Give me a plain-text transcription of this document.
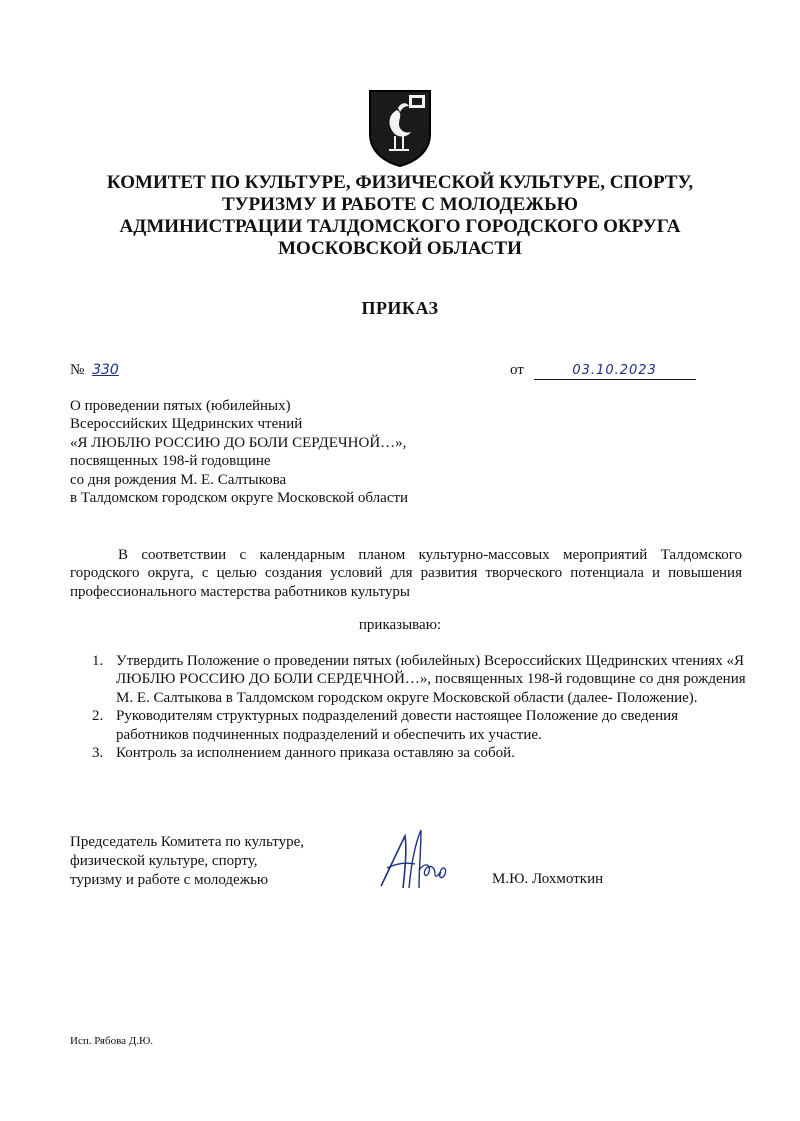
КОМИТЕТ ПО КУЛЬТУРЕ, ФИЗИЧЕСКОЙ КУЛЬТУРЕ, СПОРТУ,
ТУРИЗМУ И РАБОТЕ С МОЛОДЕЖЬЮ
АДМИНИСТРАЦИИ ТАЛДОМСКОГО ГОРОДСКОГО ОКРУГА
МОСКОВСКОЙ ОБЛАСТИ
ПРИКАЗ
№ 330	от	03.10.2023
О проведении пятых (юбилейных)
Всероссийских Щедринских чтений
«Я ЛЮБЛЮ РОССИЮ ДО БОЛИ СЕРДЕЧНОЙ…»,
посвященных 198-й годовщине
со дня рождения М. Е. Салтыкова
в Талдомском городском округе Московской области
В соответствии с календарным планом культурно-массовых мероприятий Талдомского городского округа, с целью создания условий для развития творческого потенциала и повышения профессионального мастерства работников культуры
приказываю:
1. Утвердить Положение о проведении пятых (юбилейных) Всероссийских Щедринских чтениях «Я ЛЮБЛЮ РОССИЮ ДО БОЛИ СЕРДЕЧНОЙ…», посвященных 198-й годовщине со дня рождения М. Е. Салтыкова в Талдомском городском округе Московской области (далее- Положение).
2. Руководителям структурных подразделений довести настоящее Положение до сведения работников подчиненных подразделений и обеспечить их участие.
3. Контроль за исполнением данного приказа оставляю за собой.
Председатель Комитета по культуре,
физической культуре, спорту,
туризму и работе с молодежью	М.Ю. Лохмоткин
Исп. Рябова Д.Ю.
